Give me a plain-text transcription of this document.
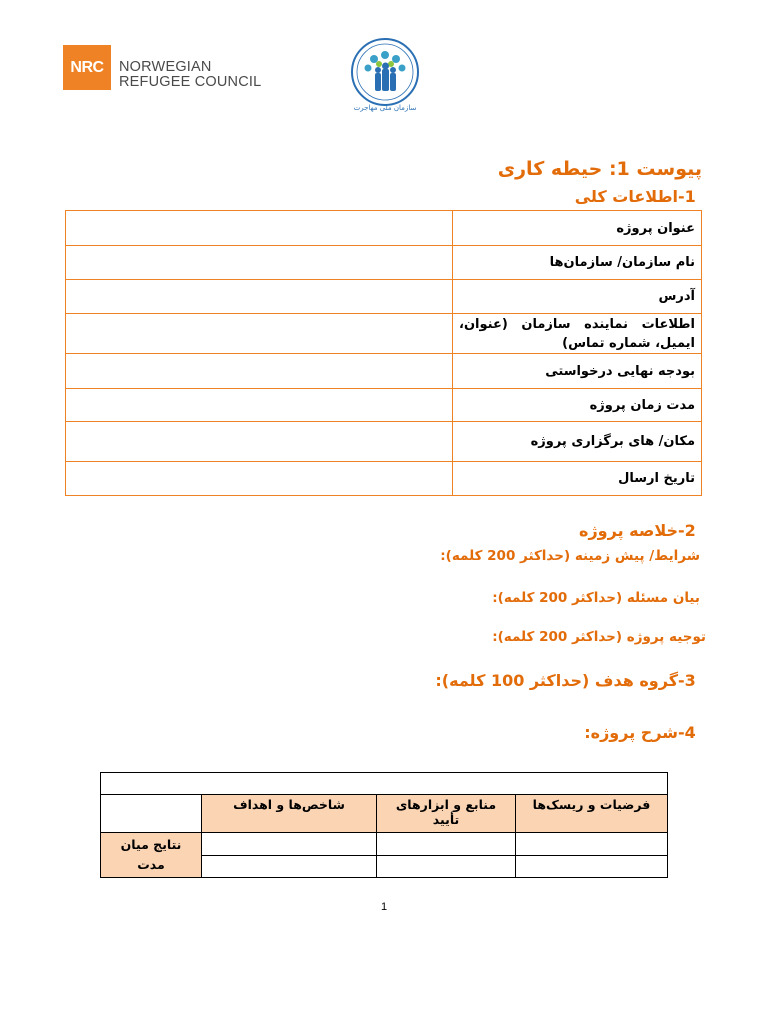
NRC	NORWEGIAN
REFUGEE COUNCIL
سازمان ملی مهاجرت
پیوست 1: حیطه کاری
1-اطلاعات کلی
	عنوان پروژه
	نام سازمان/ سازمان‌ها
	آدرس
	اطلاعات نماینده سازمان (عنوان، ایمیل، شماره تماس)
	بودجه نهایی درخواستی
	مدت زمان پروژه
	مکان/ های برگزاری پروژه
	تاریخ ارسال
2-خلاصه پروژه
شرایط/ پیش زمینه (حداکثر 200 کلمه):
بیان مسئله (حداکثر 200 کلمه):
توجیه پروژه (حداکثر 200 کلمه):
3-گروه هدف (حداکثر 100 کلمه):
4-شرح پروژه:

	شاخص‌ها و اهداف	منابع و ابزارهای تأیید	فرضیات و ریسک‌ها
نتایج میان مدت			

1
